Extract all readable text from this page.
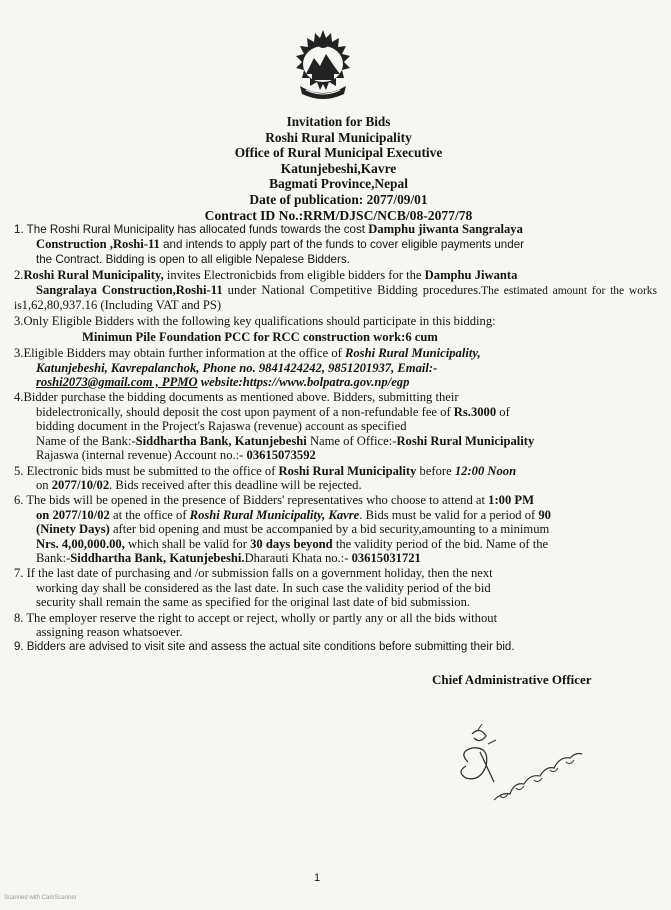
Invitation for Bids
Roshi Rural Municipality
Office of Rural Municipal Executive
Katunjebeshi,Kavre
Bagmati Province,Nepal
Date of publication: 2077/09/01
Contract ID No.:RRM/DJSC/NCB/08-2077/78
1. The Roshi Rural Municipality has allocated funds towards the cost Damphu jiwanta Sangralaya
Construction ,Roshi-11 and intends to apply part of the funds to cover eligible payments under
the Contract. Bidding is open to all eligible Nepalese Bidders.
2.Roshi Rural Municipality, invites Electronicbids from eligible bidders for the Damphu Jiwanta
Sangralaya Construction,Roshi-11 under National Competitive Bidding procedures.The estimated amount for the works is1,62,80,937.16 (Including VAT and PS)
3.Only Eligible Bidders with the following key qualifications should participate in this bidding:
Minimun Pile Foundation PCC for RCC construction work:6 cum
3.Eligible Bidders may obtain further information at the office of Roshi Rural Municipality,
Katunjebeshi, Kavrepalanchok, Phone no. 9841424242, 9851201937, Email:-
roshi2073@gmail.com , PPMO website:https://www.bolpatra.gov.np/egp
4.Bidder purchase the bidding documents as mentioned above. Bidders, submitting their
bidelectronically, should deposit the cost upon payment of a non-refundable fee of Rs.3000 of
bidding document in the Project's Rajaswa (revenue) account as specified
Name of the Bank:-Siddhartha Bank, Katunjebeshi Name of Office:-Roshi Rural Municipality
Rajaswa (internal revenue) Account no.:- 03615073592
5. Electronic bids must be submitted to the office of Roshi Rural Municipality before 12:00 Noon
on 2077/10/02. Bids received after this deadline will be rejected.
6. The bids will be opened in the presence of Bidders' representatives who choose to attend at 1:00 PM
on 2077/10/02 at the office of Roshi Rural Municipality, Kavre. Bids must be valid for a period of 90
(Ninety Days) after bid opening and must be accompanied by a bid security,amounting to a minimum
Nrs. 4,00,000.00, which shall be valid for 30 days beyond the validity period of the bid. Name of the
Bank:-Siddhartha Bank, Katunjebeshi.Dharauti Khata no.:- 03615031721
7. If the last date of purchasing and /or submission falls on a government holiday, then the next
working day shall be considered as the last date. In such case the validity period of the bid
security shall remain the same as specified for the original last date of bid submission.
8. The employer reserve the right to accept or reject, wholly or partly any or all the bids without
assigning reason whatsoever.
9. Bidders are advised to visit site and assess the actual site conditions before submitting their bid.
Chief Administrative Officer
1
Scanned with CamScanner
